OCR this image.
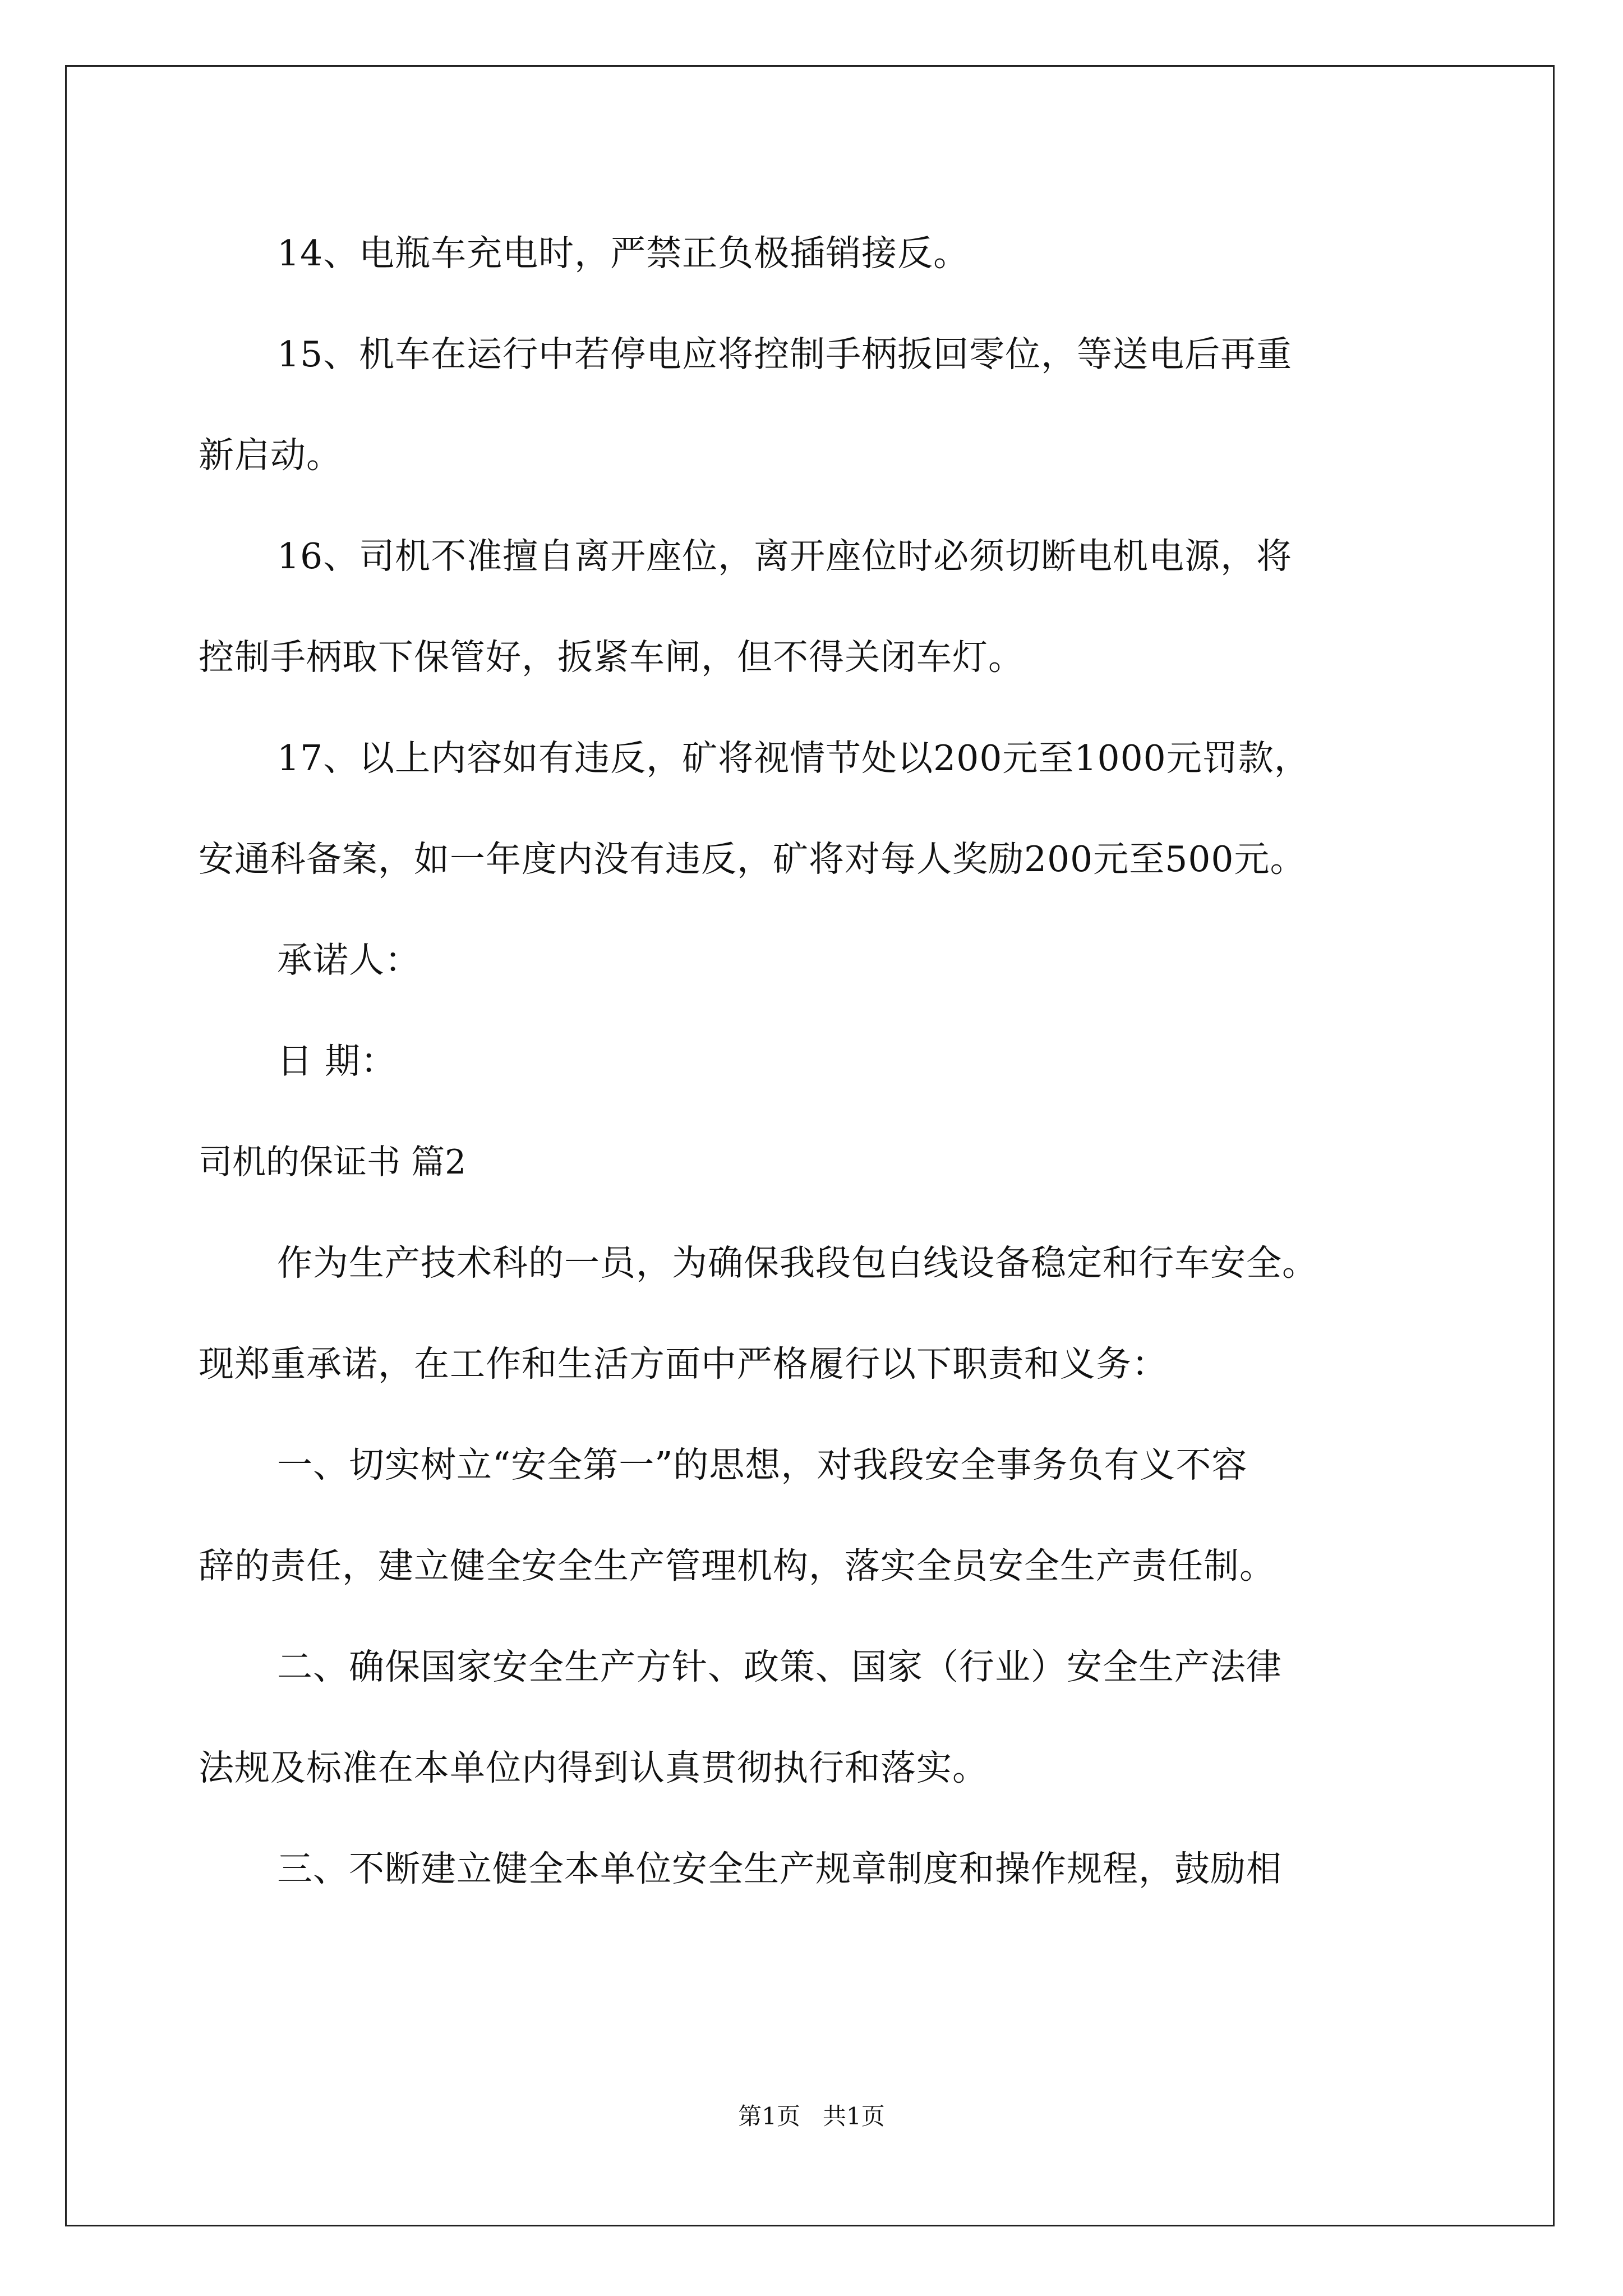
14、电瓶车充电时，严禁正负极插销接反。
15、机车在运行中若停电应将控制手柄扳回零位，等送电后再重
新启动。
16、司机不准擅自离开座位，离开座位时必须切断电机电源，将
控制手柄取下保管好，扳紧车闸，但不得关闭车灯。
17、以上内容如有违反，矿将视情节处以200元至1000元罚款，
安通科备案，如一年度内没有违反，矿将对每人奖励200元至500元。
承诺人：
日 期：
司机的保证书 篇2
作为生产技术科的一员，为确保我段包白线设备稳定和行车安全。
现郑重承诺，在工作和生活方面中严格履行以下职责和义务：
一、切实树立“安全第一”的思想，对我段安全事务负有义不容
辞的责任，建立健全安全生产管理机构，落实全员安全生产责任制。
二、确保国家安全生产方针、政策、国家（行业）安全生产法律
法规及标准在本单位内得到认真贯彻执行和落实。
三、不断建立健全本单位安全生产规章制度和操作规程，鼓励相
第1页   共1页
